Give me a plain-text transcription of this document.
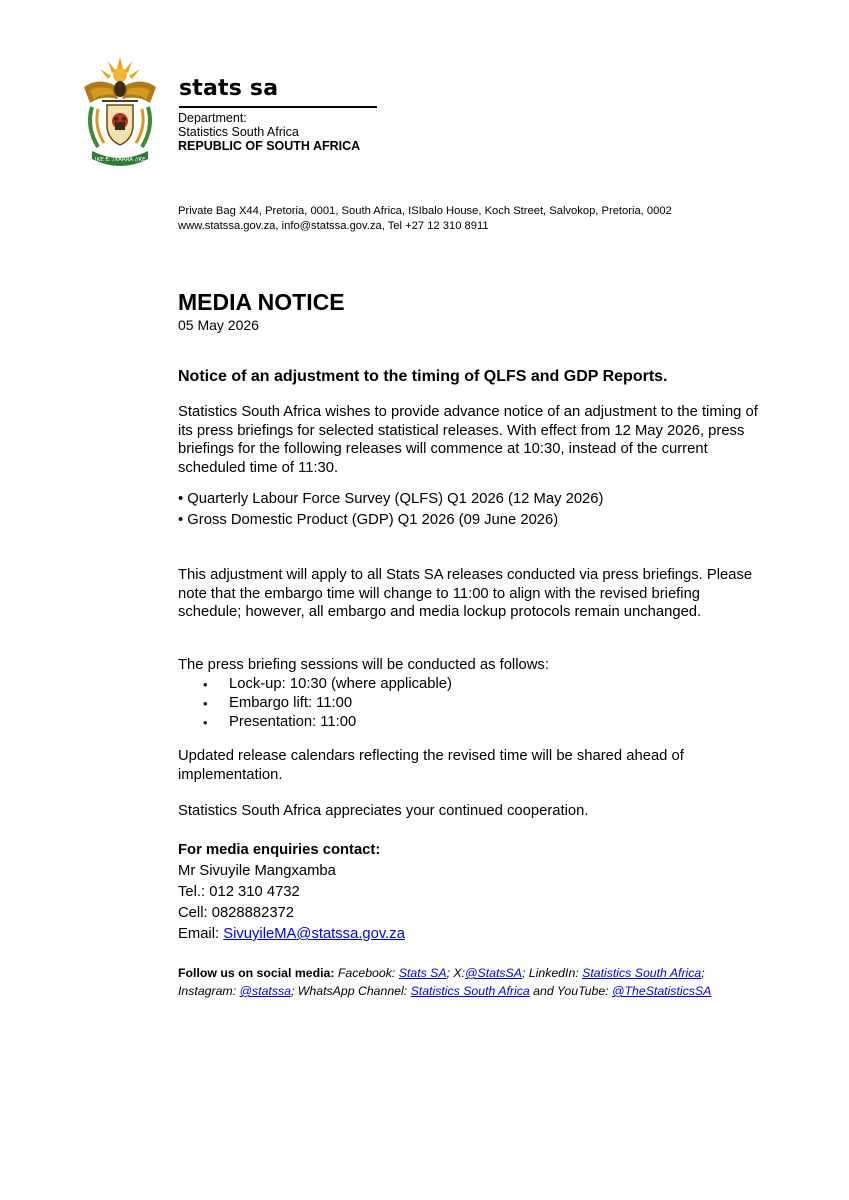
!KE E: /XARRA //KE
stats sa
Department:
Statistics South Africa
REPUBLIC OF SOUTH AFRICA
Private Bag X44, Pretoria, 0001, South Africa, ISIbalo House, Koch Street, Salvokop, Pretoria, 0002
www.statssa.gov.za, info@statssa.gov.za, Tel +27 12 310 8911
MEDIA NOTICE
05 May 2026
Notice of an adjustment to the timing of QLFS and GDP Reports.
Statistics South Africa wishes to provide advance notice of an adjustment to the timing of its press briefings for selected statistical releases. With effect from 12 May 2026, press briefings for the following releases will commence at 10:30, instead of the current scheduled time of 11:30.
• Quarterly Labour Force Survey (QLFS) Q1 2026 (12 May 2026)
• Gross Domestic Product (GDP) Q1 2026 (09 June 2026)
This adjustment will apply to all Stats SA releases conducted via press briefings. Please note that the embargo time will change to 11:00 to align with the revised briefing schedule; however, all embargo and media lockup protocols remain unchanged.
The press briefing sessions will be conducted as follows:
• Lock-up: 10:30 (where applicable)
• Embargo lift: 11:00
• Presentation: 11:00
Updated release calendars reflecting the revised time will be shared ahead of implementation.
Statistics South Africa appreciates your continued cooperation.
For media enquiries contact:
Mr Sivuyile Mangxamba
Tel.: 012 310 4732
Cell: 0828882372
Email: SivuyileMA@statssa.gov.za
Follow us on social media: Facebook: Stats SA; X:@StatsSA; LinkedIn: Statistics South Africa;
Instagram: @statssa; WhatsApp Channel: Statistics South Africa and YouTube: @TheStatisticsSA
